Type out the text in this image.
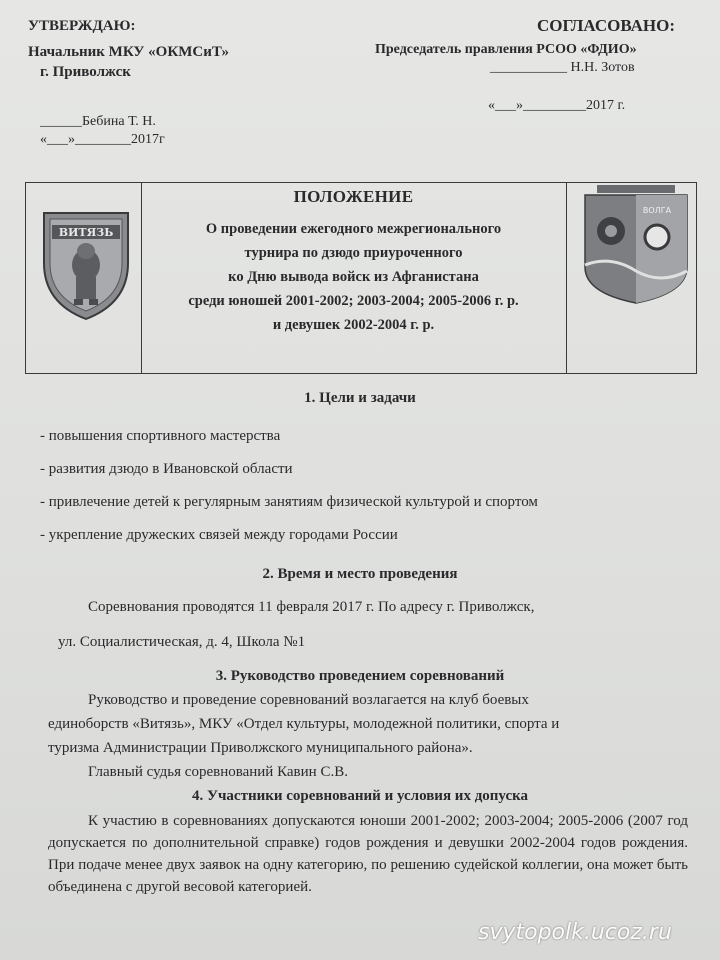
УТВЕРЖДАЮ:
Начальник МКУ «ОКМСиТ»
г. Приволжск
______Бебина Т. Н.
«___»________2017г
СОГЛАСОВАНО:
Председатель правления РСОО «ФДИО»
___________ Н.Н. Зотов
«___»_________2017 г.
ВИТЯЗЬ
ПОЛОЖЕНИЕ
О проведении ежегодного межрегионального
турнира по дзюдо приуроченного
ко Дню вывода войск из Афганистана
среди юношей 2001-2002; 2003-2004; 2005-2006 г. р.
и девушек 2002-2004 г. р.
ВОЛГА
1. Цели и задачи
- повышения спортивного мастерства
- развития дзюдо в Ивановской области
- привлечение детей к регулярным занятиям физической культурой и спортом
- укрепление дружеских связей между городами России
2. Время и место проведения
Соревнования проводятся 11 февраля 2017 г. По адресу г. Приволжск,
ул. Социалистическая, д. 4, Школа №1
3. Руководство проведением соревнований
Руководство и проведение соревнований возлагается на клуб боевых
единоборств «Витязь», МКУ «Отдел культуры, молодежной политики, спорта и
туризма Администрации Приволжского муниципального района».
Главный судья соревнований Кавин С.В.
4. Участники соревнований и условия их допуска
К участию в соревнованиях допускаются юноши 2001-2002; 2003-2004; 2005-2006 (2007 год допускается по дополнительной справке) годов рождения и девушки 2002-2004 годов рождения. При подаче менее двух заявок на одну категорию, по решению судейской коллегии, она может быть объединена с другой весовой категорией.
svytopolk.ucoz.ru
